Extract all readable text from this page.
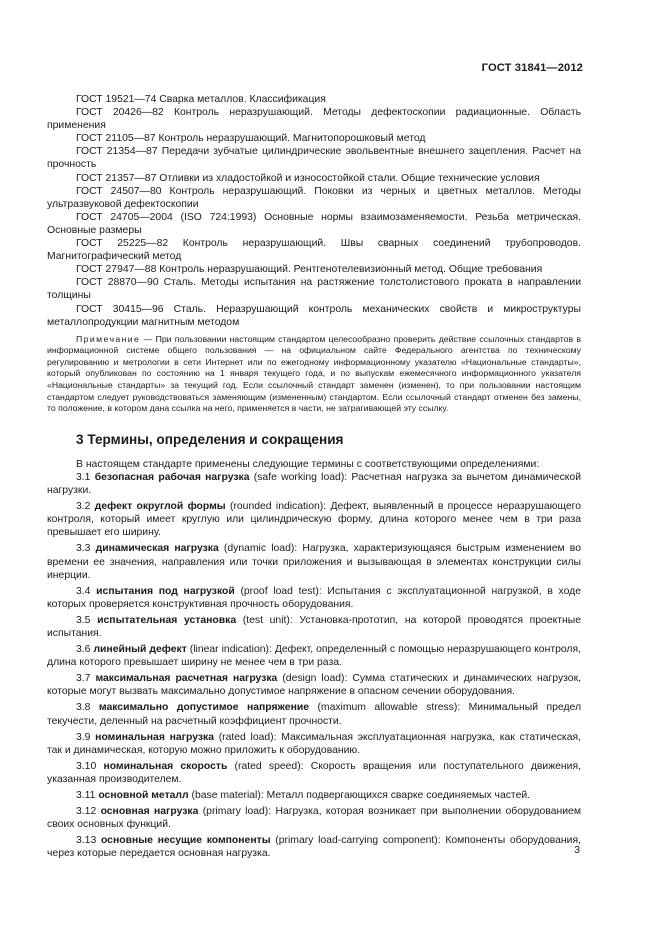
ГОСТ 31841—2012

ГОСТ 19521—74 Сварка металлов. Классификация

ГОСТ 20426—82 Контроль неразрушающий. Методы дефектоскопии радиационные. Область применения

ГОСТ 21105—87 Контроль неразрушающий. Магнитопорошковый метод

ГОСТ 21354—87 Передачи зубчатые цилиндрические эвольвентные внешнего зацепления. Расчет на прочность

ГОСТ 21357—87 Отливки из хладостойкой и износостойкой стали. Общие технические условия

ГОСТ 24507—80 Контроль неразрушающий. Поковки из черных и цветных металлов. Методы ультразвуковой дефектоскопии

ГОСТ 24705—2004 (ISO 724:1993) Основные нормы взаимозаменяемости. Резьба метрическая. Основные размеры

ГОСТ 25225—82 Контроль неразрушающий. Швы сварных соединений трубопроводов. Магнитографический метод

ГОСТ 27947—88 Контроль неразрушающий. Рентгенотелевизионный метод. Общие требования

ГОСТ 28870—90 Сталь. Методы испытания на растяжение толстолистового проката в направлении толщины

ГОСТ 30415—96 Сталь. Неразрушающий контроль механических свойств и микроструктуры металлопродукции магнитным методом

Примечание — При пользовании настоящим стандартом целесообразно проверить действие ссылочных стандартов в информационной системе общего пользования — на официальном сайте Федерального агентства по техническому регулированию и метрологии в сети Интернет или по ежегодному информационному указателю «Национальные стандарты», который опубликован по состоянию на 1 января текущего года, и по выпускам ежемесячного информационного указателя «Национальные стандарты» за текущий год. Если ссылочный стандарт заменен (изменен), то при пользовании настоящим стандартом следует руководствоваться заменяющим (измененным) стандартом. Если ссылочный стандарт отменен без замены, то положение, в котором дана ссылка на него, применяется в части, не затрагивающей эту ссылку.

3 Термины, определения и сокращения

В настоящем стандарте применены следующие термины с соответствующими определениями:

3.1 безопасная рабочая нагрузка (safe working load): Расчетная нагрузка за вычетом динамической нагрузки.

3.2 дефект округлой формы (rounded indication): Дефект, выявленный в процессе неразрушающего контроля, который имеет круглую или цилиндрическую форму, длина которого менее чем в три раза превышает его ширину.

3.3 динамическая нагрузка (dynamic load): Нагрузка, характеризующаяся быстрым изменением во времени ее значения, направления или точки приложения и вызывающая в элементах конструкции силы инерции.

3.4 испытания под нагрузкой (proof load test): Испытания с эксплуатационной нагрузкой, в ходе которых проверяется конструктивная прочность оборудования.

3.5 испытательная установка (test unit): Установка-прототип, на которой проводятся проектные испытания.

3.6 линейный дефект (linear indication): Дефект, определенный с помощью неразрушающего контроля, длина которого превышает ширину не менее чем в три раза.

3.7 максимальная расчетная нагрузка (design load): Сумма статических и динамических нагрузок, которые могут вызвать максимально допустимое напряжение в опасном сечении оборудования.

3.8 максимально допустимое напряжение (maximum allowable stress): Минимальный предел текучести, деленный на расчетный коэффициент прочности.

3.9 номинальная нагрузка (rated load): Максимальная эксплуатационная нагрузка, как статическая, так и динамическая, которую можно приложить к оборудованию.

3.10 номинальная скорость (rated speed): Скорость вращения или поступательного движения, указанная производителем.

3.11 основной металл (base material): Металл подвергающихся сварке соединяемых частей.

3.12 основная нагрузка (primary load): Нагрузка, которая возникает при выполнении оборудованием своих основных функций.

3.13 основные несущие компоненты (primary load-carrying component): Компоненты оборудования, через которые передается основная нагрузка.	3
